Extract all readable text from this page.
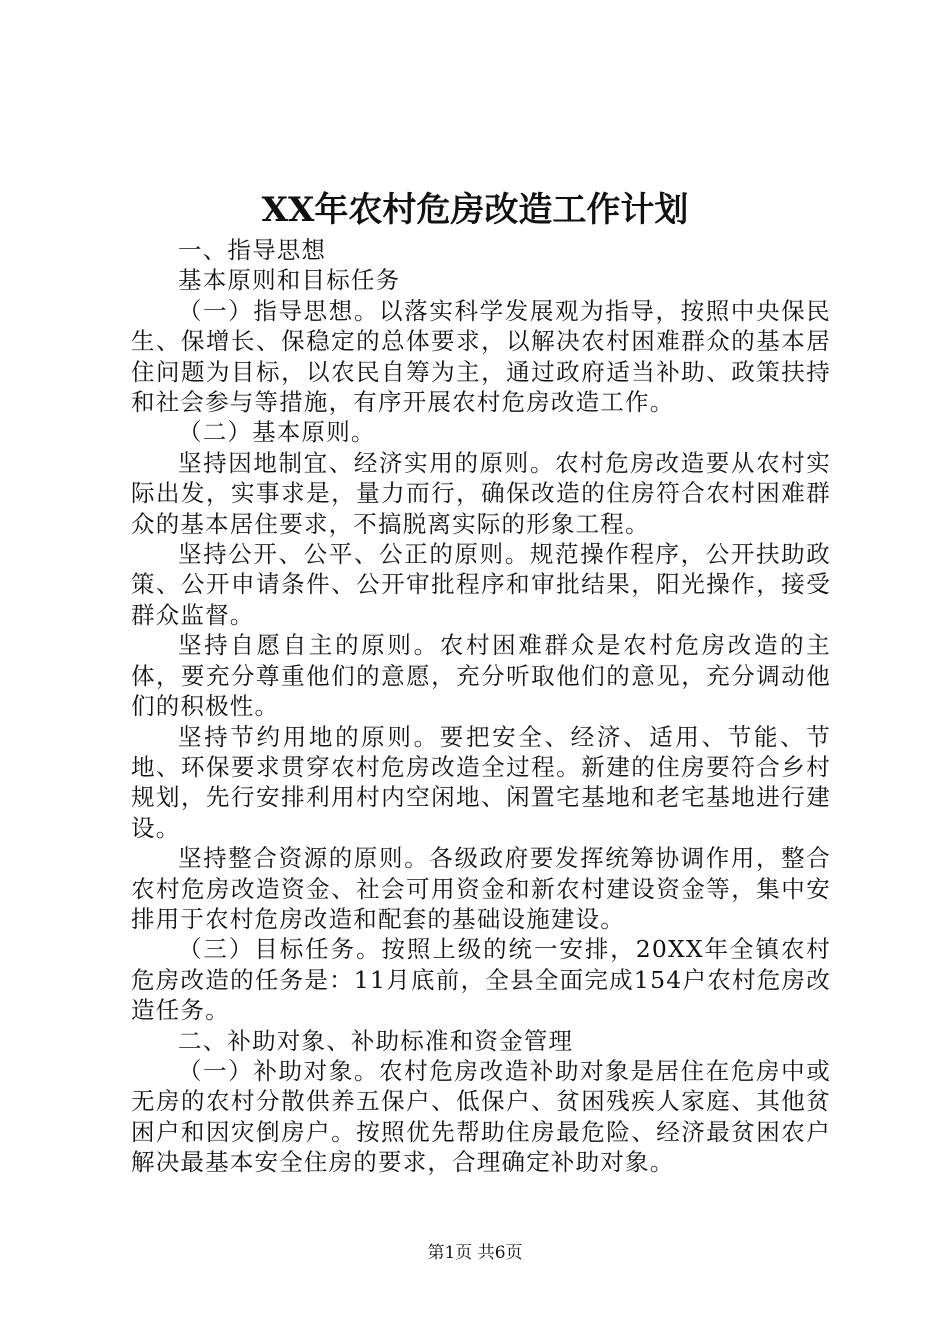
XX年农村危房改造工作计划

一、指导思想

基本原则和目标任务

（一）指导思想。以落实科学发展观为指导，按照中央保民生、保增长、保稳定的总体要求，以解决农村困难群众的基本居住问题为目标，以农民自筹为主，通过政府适当补助、政策扶持和社会参与等措施，有序开展农村危房改造工作。

（二）基本原则。

坚持因地制宜、经济实用的原则。农村危房改造要从农村实际出发，实事求是，量力而行，确保改造的住房符合农村困难群众的基本居住要求，不搞脱离实际的形象工程。

坚持公开、公平、公正的原则。规范操作程序，公开扶助政策、公开申请条件、公开审批程序和审批结果，阳光操作，接受群众监督。

坚持自愿自主的原则。农村困难群众是农村危房改造的主体，要充分尊重他们的意愿，充分听取他们的意见，充分调动他们的积极性。

坚持节约用地的原则。要把安全、经济、适用、节能、节地、环保要求贯穿农村危房改造全过程。新建的住房要符合乡村规划，先行安排利用村内空闲地、闲置宅基地和老宅基地进行建设。

坚持整合资源的原则。各级政府要发挥统筹协调作用，整合农村危房改造资金、社会可用资金和新农村建设资金等，集中安排用于农村危房改造和配套的基础设施建设。

（三）目标任务。按照上级的统一安排，20XX年全镇农村危房改造的任务是：11月底前，全县全面完成154户农村危房改造任务。

二、补助对象、补助标准和资金管理

（一）补助对象。农村危房改造补助对象是居住在危房中或无房的农村分散供养五保户、低保户、贫困残疾人家庭、其他贫困户和因灾倒房户。按照优先帮助住房最危险、经济最贫困农户解决最基本安全住房的要求，合理确定补助对象。

第1页 共6页
